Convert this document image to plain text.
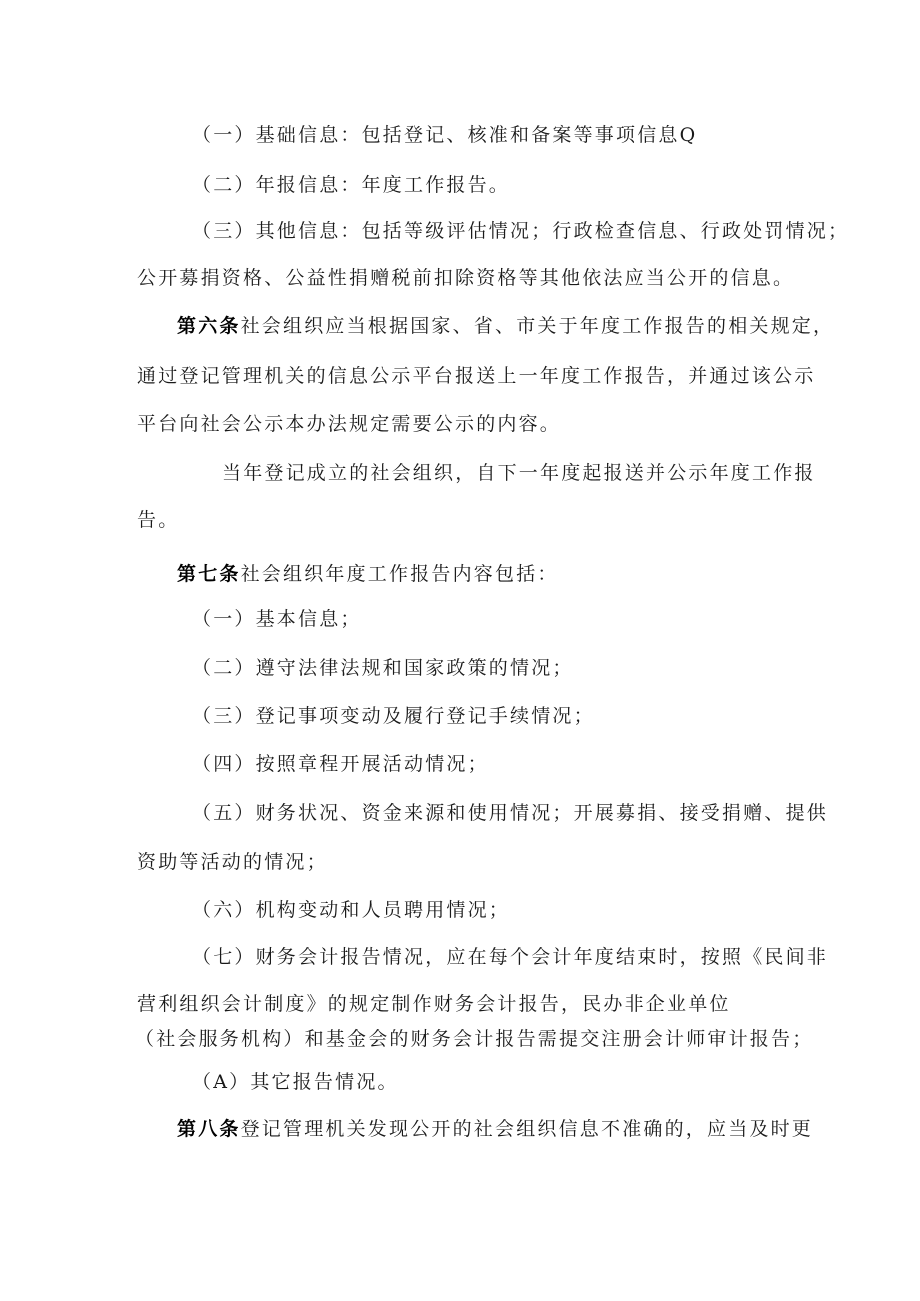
（一）基础信息：包括登记、核准和备案等事项信息Q
（二）年报信息：年度工作报告。
（三）其他信息：包括等级评估情况；行政检查信息、行政处罚情况；
公开募捐资格、公益性捐赠税前扣除资格等其他依法应当公开的信息。
第六条社会组织应当根据国家、省、市关于年度工作报告的相关规定，
通过登记管理机关的信息公示平台报送上一年度工作报告，并通过该公示
平台向社会公示本办法规定需要公示的内容。
当年登记成立的社会组织，自下一年度起报送并公示年度工作报
告。
第七条社会组织年度工作报告内容包括：
（一）基本信息；
（二）遵守法律法规和国家政策的情况；
（三）登记事项变动及履行登记手续情况；
（四）按照章程开展活动情况；
（五）财务状况、资金来源和使用情况；开展募捐、接受捐赠、提供
资助等活动的情况；
（六）机构变动和人员聘用情况；
（七）财务会计报告情况，应在每个会计年度结束时，按照《民间非
营利组织会计制度》的规定制作财务会计报告，民办非企业单位
（社会服务机构）和基金会的财务会计报告需提交注册会计师审计报告；
（A）其它报告情况。
第八条登记管理机关发现公开的社会组织信息不准确的，应当及时更
